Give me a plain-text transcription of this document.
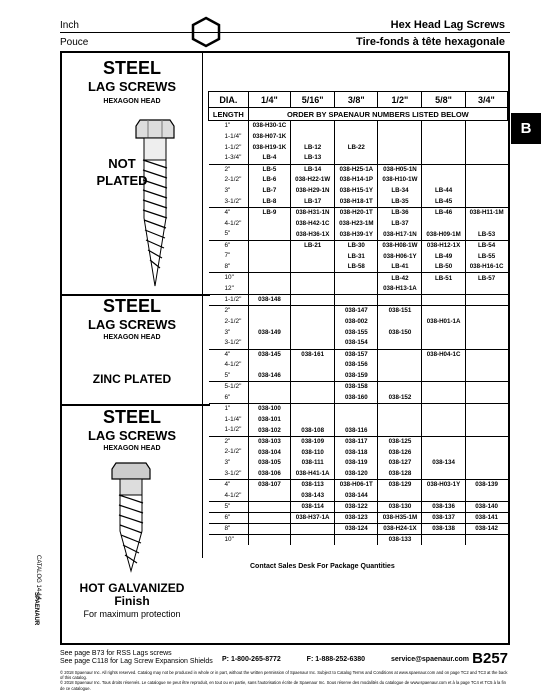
Inch
Pouce
Hex Head Lag Screws
Tire-fonds à tête hexagonale
B
STEEL
LAG SCREWS
HEXAGON HEAD
NOT PLATED
STEEL
LAG SCREWS
HEXAGON HEAD
ZINC PLATED
STEEL
LAG SCREWS
HEXAGON HEAD
HOT GALVANIZED
Finish
For maximum protection
DIA.	1/4"	5/16"	3/8"	1/2"	5/8"	3/4"
LENGTH	ORDER BY SPAENAUR NUMBERS LISTED BELOW					
1"	038-H30-1C					
1-1/4"	038-H07-1K					
1-1/2"	038-H19-1K	LB-12	LB-22			
1-3/4"	LB-4	LB-13				
2"	LB-5	LB-14	038-H25-1A	038-H05-1N		
2-1/2"	LB-6	038-H22-1W	038-H14-1P	038-H10-1W		
3"	LB-7	038-H29-1N	038-H15-1Y	LB-34	LB-44	
3-1/2"	LB-8	LB-17	038-H18-1T	LB-35	LB-45	
4"	LB-9	038-H31-1N	038-H20-1T	LB-36	LB-46	038-H11-1M
4-1/2"		038-H42-1C	038-H23-1M	LB-37		
5"		038-H36-1X	038-H39-1Y	038-H17-1N	038-H09-1M	LB-53
6"		LB-21	LB-30	038-H08-1W	038-H12-1X	LB-54
7"			LB-31	038-H06-1Y	LB-49	LB-55
8"			LB-58	LB-41	LB-50	038-H16-1C
10"				LB-42	LB-51	LB-57
12"				038-H13-1A		
1-1/2"	038-148					
2"			038-147	038-151		
2-1/2"			038-002		038-H01-1A	
3"	038-149		038-155	038-150		
3-1/2"			038-154			
4"	038-145	038-161	038-157		038-H04-1C	
4-1/2"			038-156			
5"	038-146		038-159			
5-1/2"			038-158			
6"			038-160	038-152		
1"	038-100					
1-1/4"	038-101					
1-1/2"	038-102	038-108	038-116			
2"	038-103	038-109	038-117	038-125		
2-1/2"	038-104	038-110	038-118	038-126		
3"	038-105	038-111	038-119	038-127	038-134	
3-1/2"	038-106	038-H41-1A	038-120	038-128		
4"	038-107	038-113	038-H06-1T	038-129	038-H03-1Y	038-139
4-1/2"		038-143	038-144			
5"		038-114	038-122	038-130	038-136	038-140
6"		038-H37-1A	038-123	038-H35-1M	038-137	038-141
8"			038-124	038-H24-1X	038-138	038-142
10"				038-133		
Contact Sales Desk For Package Quantities
CATALOG 14-14
SPAENAUR
See page B73 for RSS Lags screws
See page C118 for Lag Screw Expansion Shields P: 1-800-265-8772	F: 1-888-252-6380	service@spaenaur.com B257
© 2018 Spaenaur Inc. All rights reserved. Catalog may not be produced in whole or in part, without the written permission of Spaenaur Inc. Subject to Catalog Terms and Conditions at www.spaenaur.com and on page TC2 and TC3 at the back of this catalog.
© 2018 Spaenaur Inc. Tous droits réservés. Le catalogue ne peut être reproduit, en tout ou en partie, sans l'autorisation écrite de Spaenaur Inc. Sous réserve des modalités du catalogue de www.spaenaur.com et à la page TC4 et TC5 à la fin de ce catalogue.
